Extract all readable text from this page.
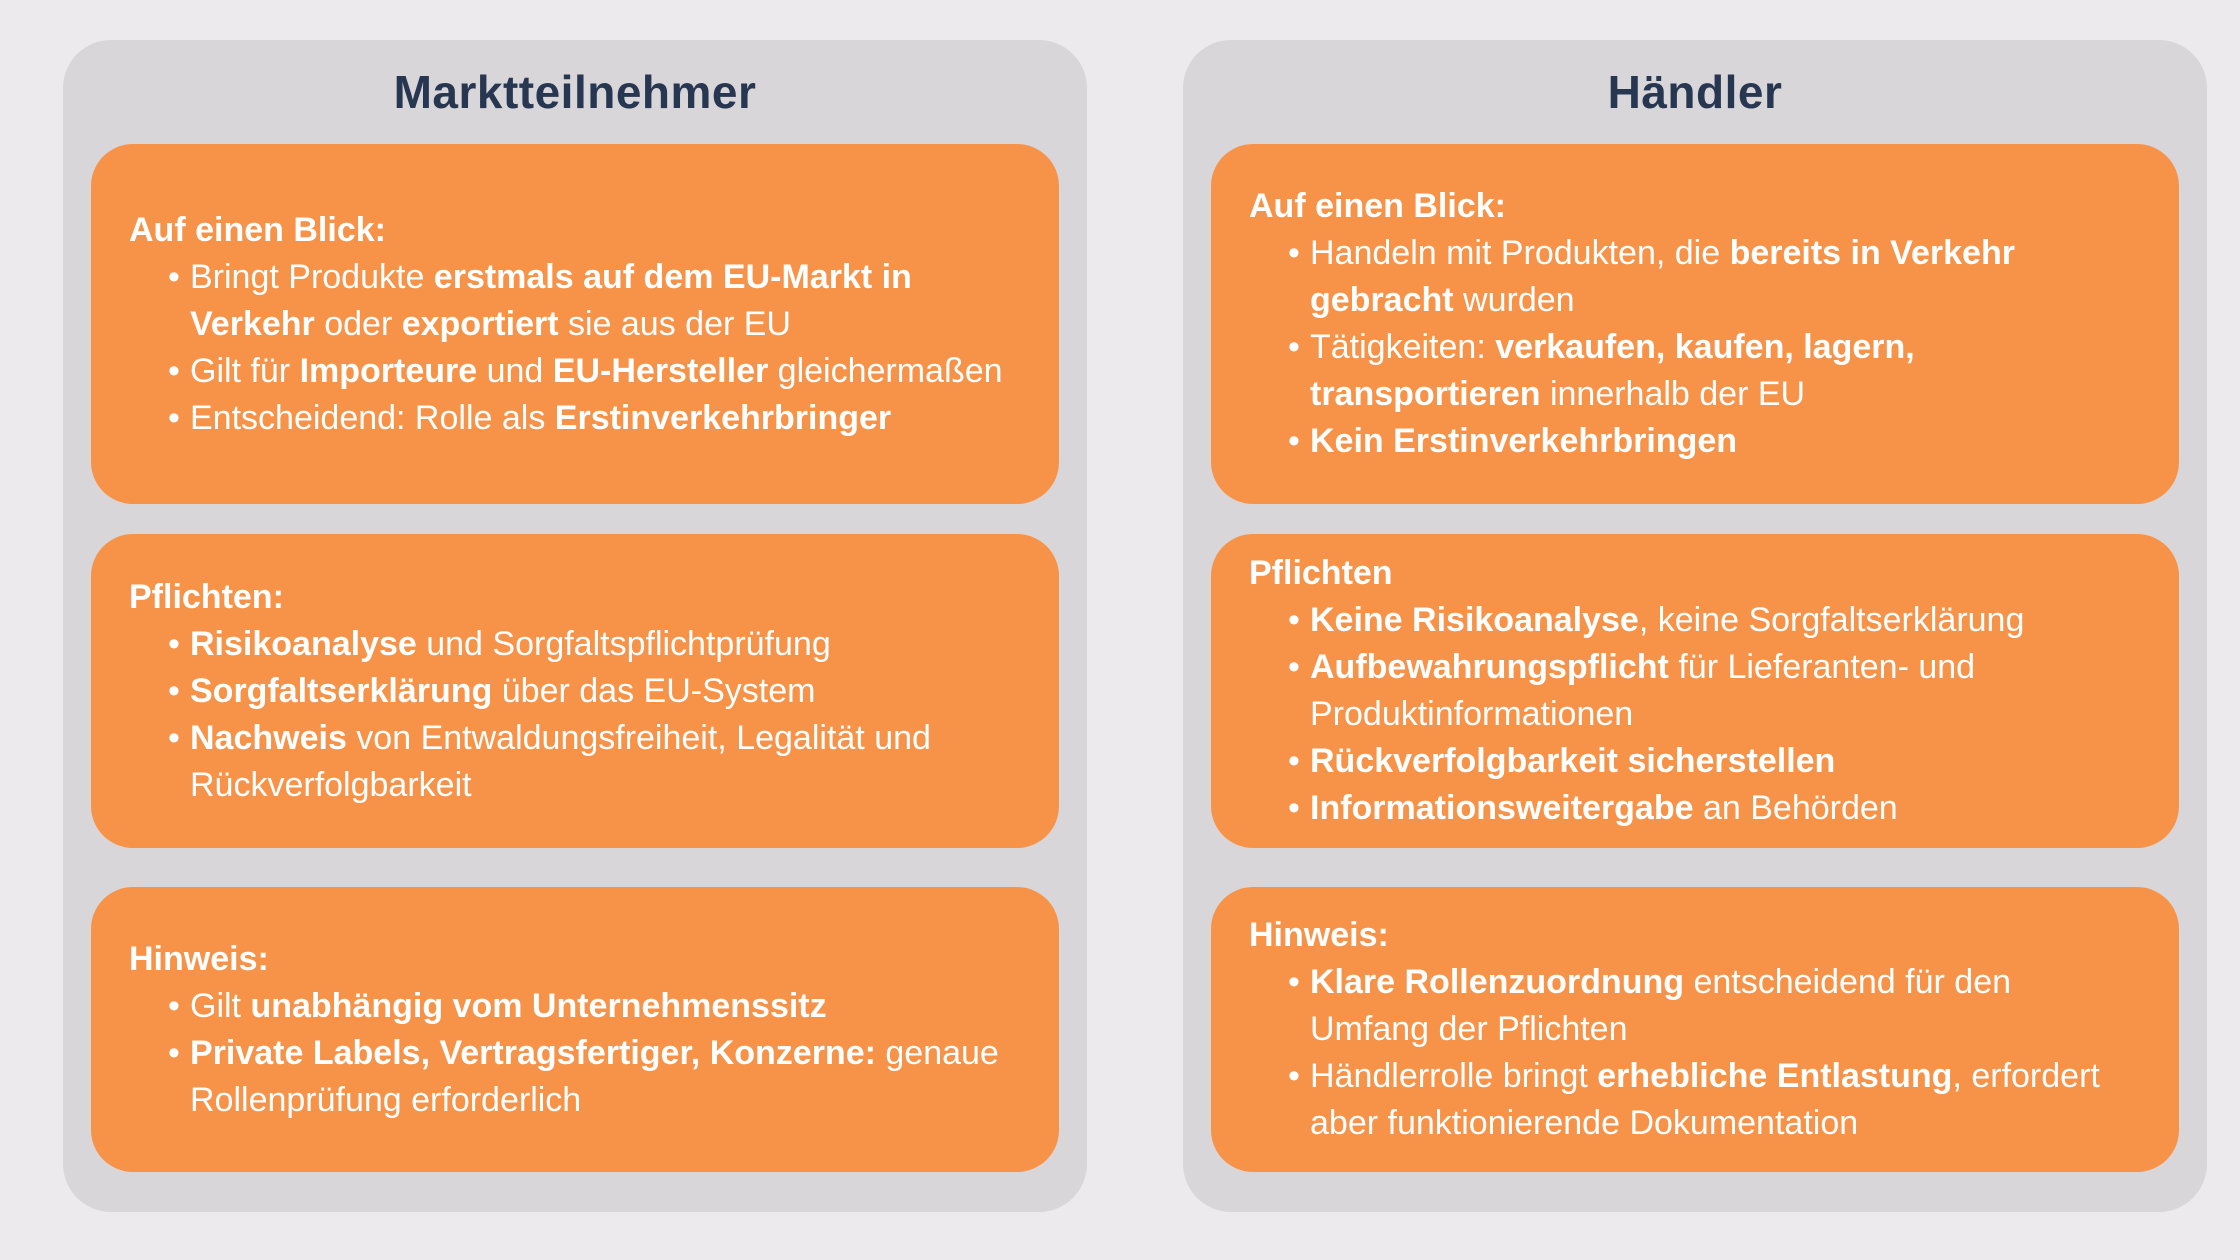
Marktteilnehmer
Auf einen Blick:
• Bringt Produkte erstmals auf dem EU-Markt in Verkehr oder exportiert sie aus der EU
• Gilt für Importeure und EU-Hersteller gleichermaßen
• Entscheidend: Rolle als Erstinverkehrbringer
Pflichten:
• Risikoanalyse und Sorgfaltspflichtprüfung
• Sorgfaltserklärung über das EU-System
• Nachweis von Entwaldungsfreiheit, Legalität und Rückverfolgbarkeit
Hinweis:
• Gilt unabhängig vom Unternehmenssitz
• Private Labels, Vertragsfertiger, Konzerne: genaue Rollenprüfung erforderlich
Händler
Auf einen Blick:
• Handeln mit Produkten, die bereits in Verkehr gebracht wurden
• Tätigkeiten: verkaufen, kaufen, lagern, transportieren innerhalb der EU
• Kein Erstinverkehrbringen
Pflichten
• Keine Risikoanalyse, keine Sorgfaltserklärung
• Aufbewahrungspflicht für Lieferanten- und Produktinformationen
• Rückverfolgbarkeit sicherstellen
• Informationsweitergabe an Behörden
Hinweis:
• Klare Rollenzuordnung entscheidend für den Umfang der Pflichten
• Händlerrolle bringt erhebliche Entlastung, erfordert aber funktionierende Dokumentation
